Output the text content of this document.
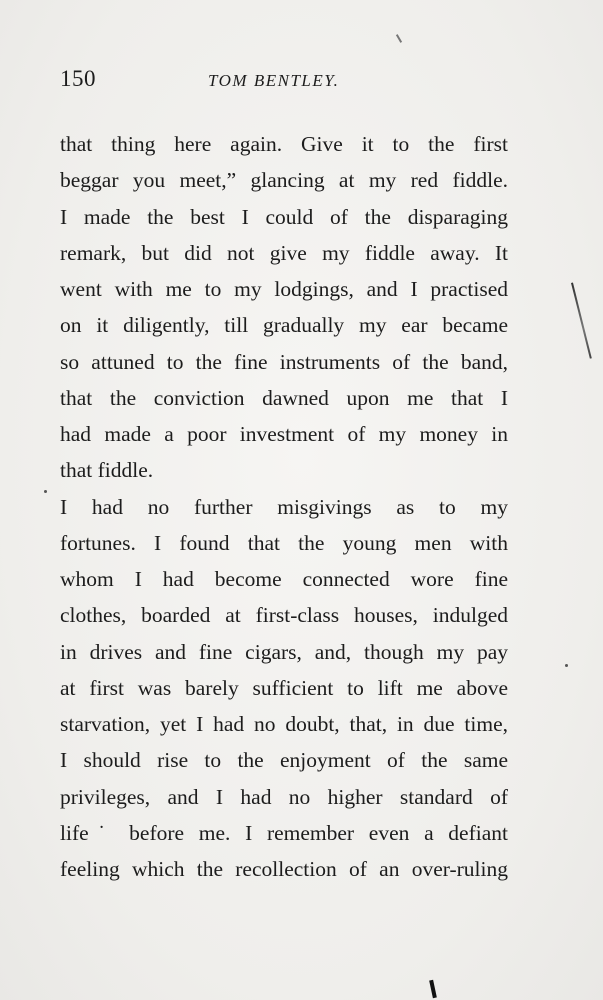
150	TOM BENTLEY.
that thing here again. Give it to the first
beggar you meet,” glancing at my red fiddle.
I made the best I could of the disparaging
remark, but did not give my fiddle away. It
went with me to my lodgings, and I practised
on it diligently, till gradually my ear became
so attuned to the fine instruments of the band,
that the conviction dawned upon me that I
had made a poor investment of my money in
that fiddle.
I had no further misgivings as to my
fortunes. I found that the young men with
whom I had become connected wore fine
clothes, boarded at first-class houses, indulged
in drives and fine cigars, and, though my pay
at first was barely sufficient to lift me above
starvation, yet I had no doubt, that, in due time,
I should rise to the enjoyment of the same
privileges, and I had no higher standard of
life˙ before me. I remember even a defiant
feeling which the recollection of an over-ruling
